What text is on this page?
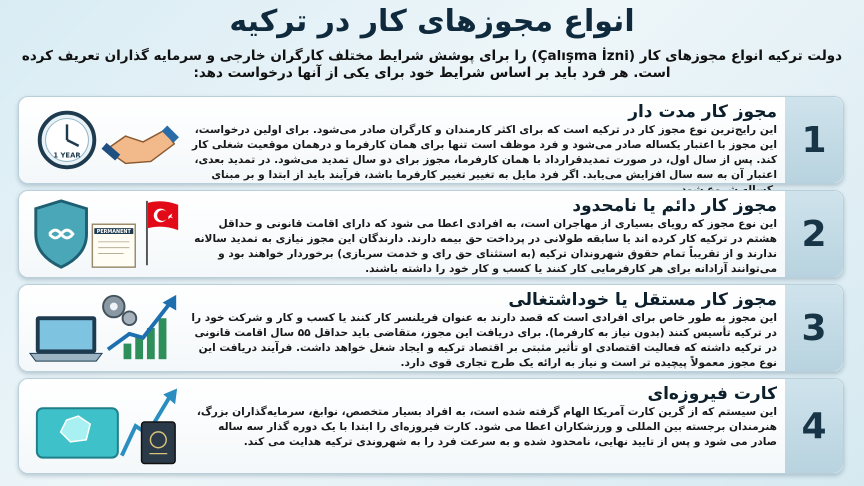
انواع مجوزهای کار در ترکیه
دولت ترکیه انواع مجوزهای کار (Çalışma İzni) را برای پوشش شرایط مختلف کارگران خارجی و سرمایه گذاران تعریف کرده است. هر فرد باید بر اساس شرایط خود برای یکی از آنها درخواست دهد:
1
مجوز کار مدت دار
این رایج‌ترین نوع مجوز کار در ترکیه است که برای اکثر کارمندان و کارگران صادر می‌شود. برای اولین درخواست، این مجوز با اعتبار یکساله صادر می‌شود و فرد موظف است تنها برای همان کارفرما و درهمان موقعیت شغلی کار کند. پس از سال اول، در صورت تمدیدقرارداد با همان کارفرما، مجوز برای دو سال تمدید می‌شود. در تمدید بعدی، اعتبار آن به سه سال افزایش می‌یابد. اگر فرد مایل به تغییر تغییر کارفرما باشد، فرآیند باید از ابتدا و بر مبنای
1 YEAR
2
مجوز کار دائم یا نامحدود
این نوع مجوز که رویای بسیاری از مهاجران است، به افرادی اعطا می شود که دارای اقامت قانونی و حداقل هشتم در ترکیه کار کرده اند یا سابقه طولانی در پرداخت حق بیمه دارند. دارندگان این مجوز نیازی به تمدید سالانه ندارند و از تقریباً تمام حقوق شهروندان ترکیه (به استثنای حق رای و خدمت سربازی) برخوردار خواهند بود و می‌توانند آزادانه برای هر کارفرمایی کار کنند یا کسب و کار خود را داشته باشند.
PERMANENT
3
مجوز کار مستقل یا خوداشتغالی
این مجوز به طور خاص برای افرادی است که قصد دارند به عنوان فریلنسر کار کنند یا کسب و کار و شرکت خود را در ترکیه تأسیس کنند (بدون نیاز به کارفرما). برای دریافت این مجوز، متقاضی باید حداقل ۵۵ سال اقامت قانونی در ترکیه داشته که فعالیت اقتصادی او تأثیر مثبتی بر اقتصاد ترکیه و ایجاد شغل خواهد داشت. فرآیند دریافت این نوع مجوز معمولاً پیچیده تر است و نیاز به ارائه یک طرح تجاری قوی دارد.
4
کارت فیروزه‌ای
این سیستم که از گرین کارت آمریکا الهام گرفته شده است، به افراد بسیار متخصص، نوابغ، سرمایه‌گذاران بزرگ، هنرمندان برجسته بین المللی و ورزشکاران اعطا می شود. کارت فیروزه‌ای را ابتدا با یک دوره گذار سه ساله صادر می شود و پس از تایید نهایی، نامحدود شده و به سرعت فرد را به شهروندی ترکیه هدایت می کند.
